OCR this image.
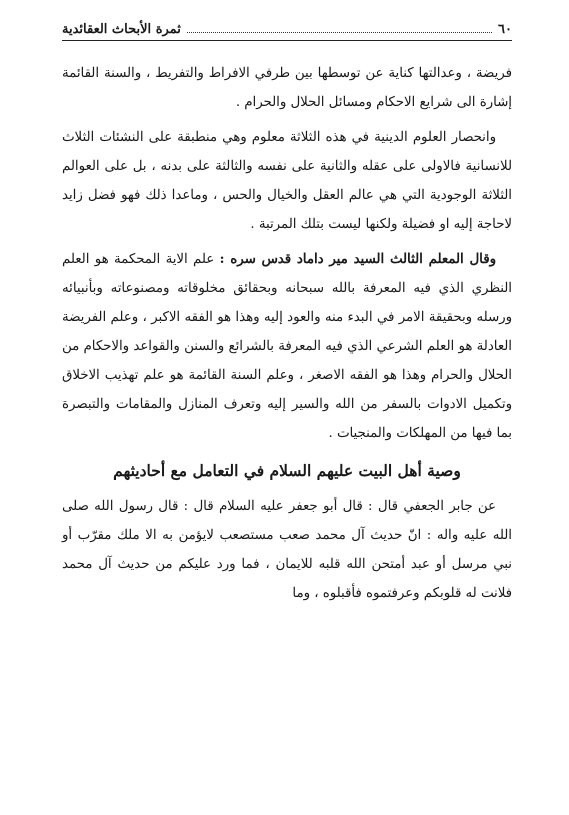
٦٠
ثمرة الأبحاث العقائدية

فريضة ، وعدالتها كناية عن توسطها بين طرفي الافراط والتفريط ، والسنة القائمة إشارة الى شرايع الاحكام ومسائل الحلال والحرام .

وانحصار العلوم الدينية في هذه الثلاثة معلوم وهي منطبقة على النشئات الثلاث للانسانية فالاولى على عقله والثانية على نفسه والثالثة على بدنه ، بل على العوالم الثلاثة الوجودية التي هي عالم العقل والخيال والحس ، وماعدا ذلك فهو فضل زايد لاحاجة إليه او فضيلة ولكنها ليست بتلك المرتبة .

وقال المعلم الثالث السيد مير داماد قدس سره : علم الاية المحكمة هو العلم النظري الذي فيه المعرفة بالله سبحانه وبحقائق مخلوقاته ومصنوعاته وبأنبيائه ورسله وبحقيقة الامر في البدء منه والعود إليه وهذا هو الفقه الاكبر ، وعلم الفريضة العادلة هو العلم الشرعي الذي فيه المعرفة بالشرائع والسنن والقواعد والاحكام من الحلال والحرام وهذا هو الفقه الاصغر ، وعلم السنة القائمة هو علم تهذيب الاخلاق وتكميل الادوات بالسفر من الله والسير إليه وتعرف المنازل والمقامات والتبصرة بما فيها من المهلكات والمنجيات .

وصية أهل البيت عليهم السلام في التعامل مع أحاديثهم

عن جابر الجعفي قال : قال أبو جعفر عليه السلام قال : قال رسول الله صلى الله عليه واله : انّ حديث آل محمد صعب مستصعب لايؤمن به الا ملك مقرّب أو نبي مرسل أو عبد أمتحن الله قلبه للايمان ، فما ورد عليكم من حديث آل محمد فلانت له قلوبكم وعرفتموه فأقبلوه ، وما
